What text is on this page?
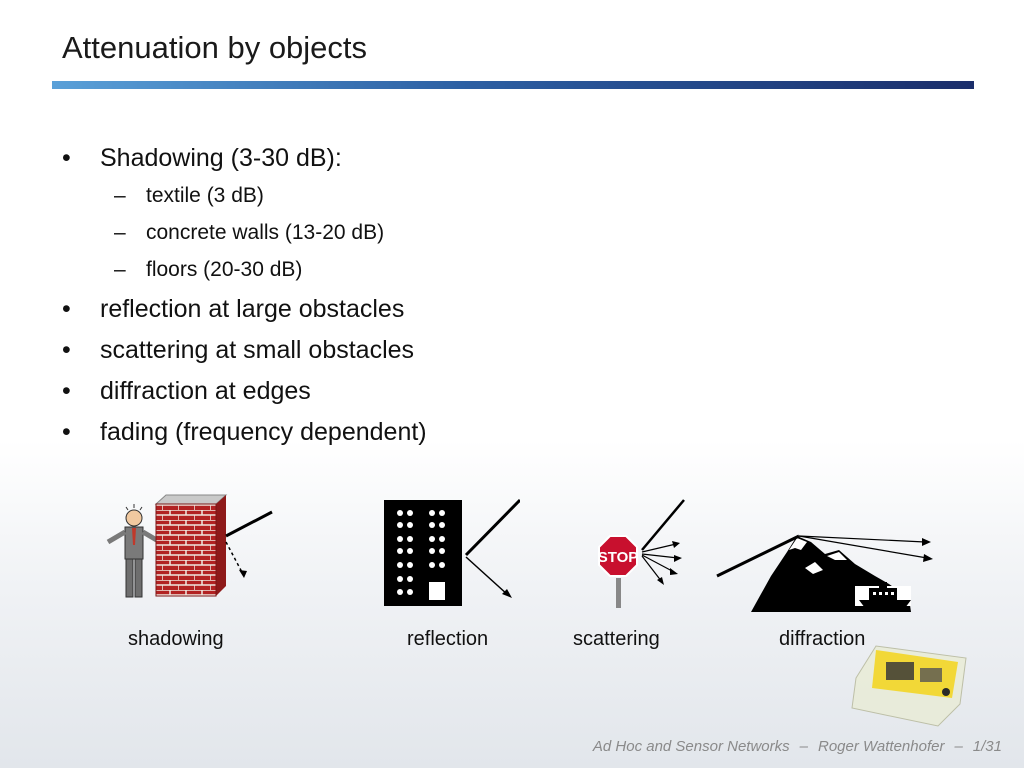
Attenuation by objects
• Shadowing (3-30 dB):
– textile (3 dB)
– concrete walls (13-20 dB)
– floors (20-30 dB)
• reflection at large obstacles
• scattering at small obstacles
• diffraction at edges
• fading (frequency dependent)
STOP
shadowing	reflection	scattering	diffraction
Ad Hoc and Sensor Networks – Roger Wattenhofer – 1/31
